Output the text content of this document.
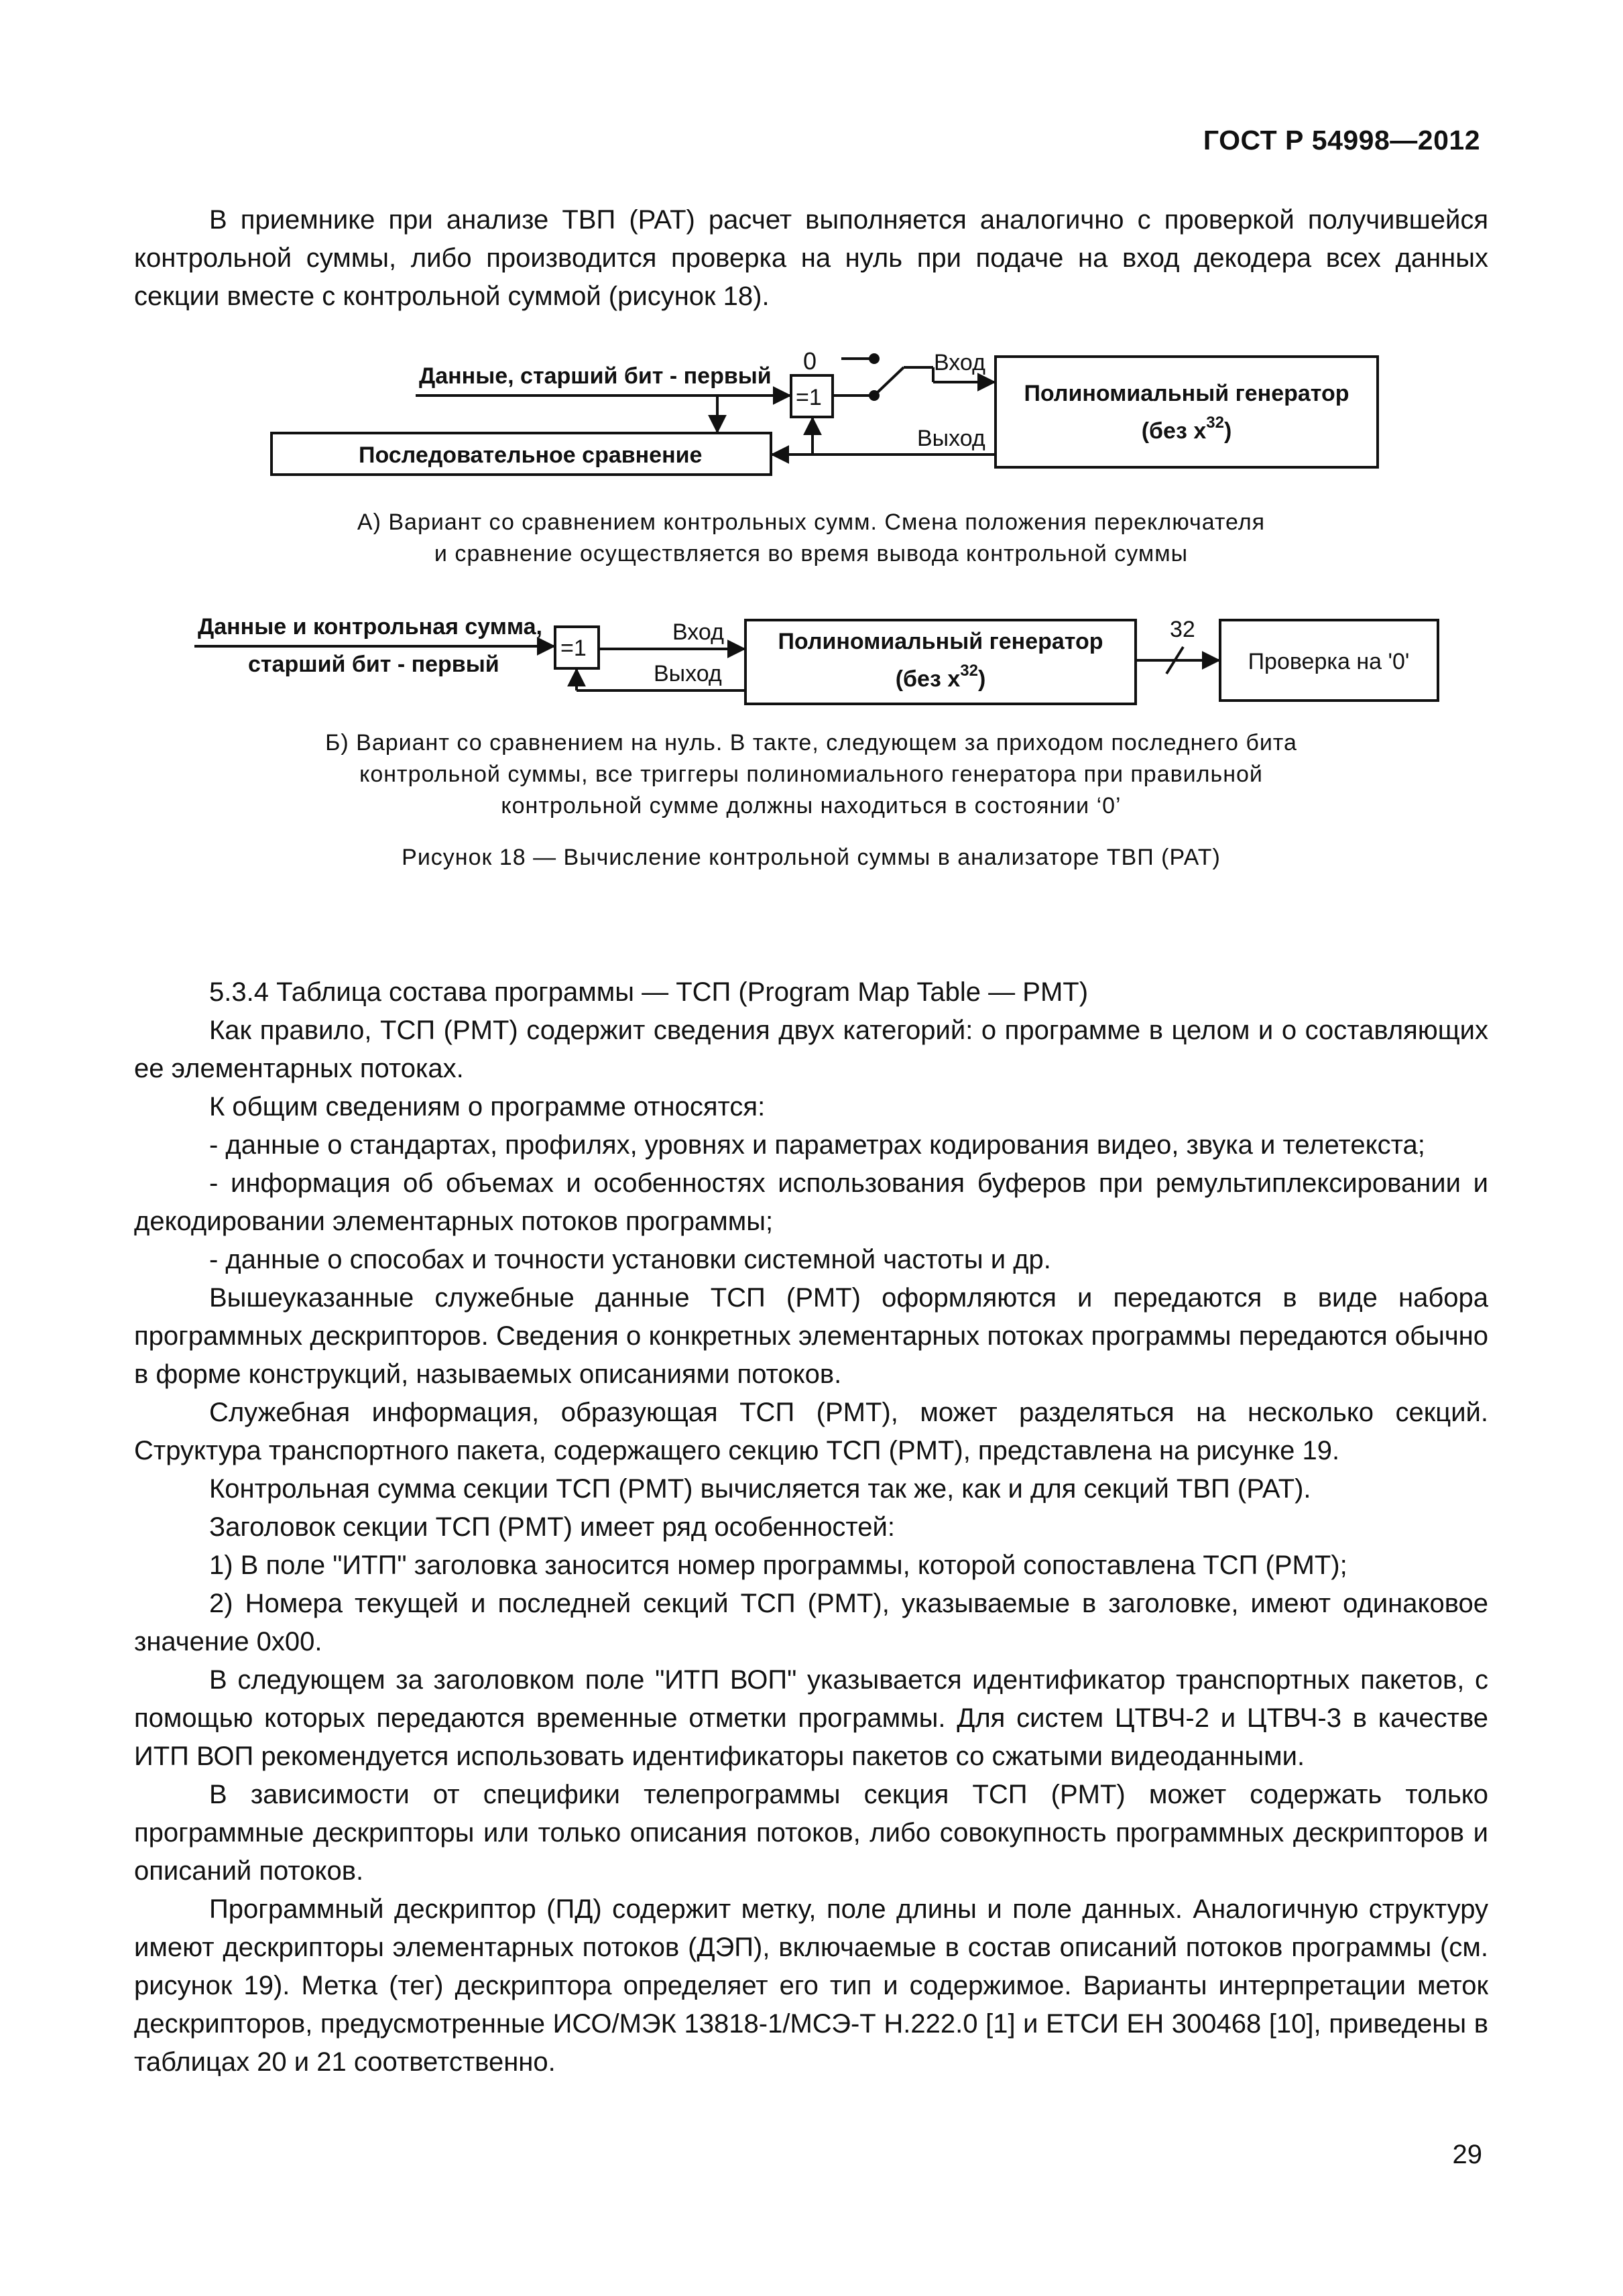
ГОСТ Р 54998—2012

В приемнике при анализе ТВП (PAT) расчет выполняется аналогично с проверкой получившейся контрольной суммы, либо производится проверка на нуль при подаче на вход декодера всех данных секции вместе с контрольной суммой (рисунок 18).

Данные, старший бит - первый
0
=1
Вход
Выход
Последовательное сравнение
Полиномиальный генератор
(без $х^{32}$)
Данные и контрольная сумма,
старший бит - первый
=1
Вход
Выход
Полиномиальный генератор
(без $х^{32}$)
32
Проверка на '0'
А) Вариант со сравнением контрольных сумм. Смена положения переключателя
и сравнение осуществляется во время вывода контрольной суммы
Б) Вариант со сравнением на нуль. В такте, следующем за приходом последнего бита
контрольной суммы, все триггеры полиномиального генератора при правильной
контрольной сумме должны находиться в состоянии ‘0’
Рисунок 18 — Вычисление контрольной суммы в анализаторе ТВП (PAT)

5.3.4 Таблица состава программы — ТСП (Program Map Table — PMT)

Как правило, ТСП (PMT) содержит сведения двух категорий: о программе в целом и о составляющих ее элементарных потоках.

К общим сведениям о программе относятся:

- данные о стандартах, профилях, уровнях и параметрах кодирования видео, звука и телетекста;

- информация об объемах и особенностях использования буферов при ремультиплексировании и декодировании элементарных потоков программы;

- данные о способах и точности установки системной частоты и др.

Вышеуказанные служебные данные ТСП (PMT) оформляются и передаются в виде набора программных дескрипторов. Сведения о конкретных элементарных потоках программы передаются обычно в форме конструкций, называемых описаниями потоков.

Служебная информация, образующая ТСП (PMT), может разделяться на несколько секций. Структура транспортного пакета, содержащего секцию ТСП (PMT), представлена на рисунке 19.

Контрольная сумма секции ТСП (PMT) вычисляется так же, как и для секций ТВП (PAT).

Заголовок секции ТСП (PMT) имеет ряд особенностей:

1) В поле "ИТП" заголовка заносится номер программы, которой сопоставлена ТСП (PMT);

2) Номера текущей и последней секций ТСП (PMT), указываемые в заголовке, имеют одинаковое значение 0х00.

В следующем за заголовком поле "ИТП ВОП" указывается идентификатор транспортных пакетов, с помощью которых передаются временные отметки программы. Для систем ЦТВЧ-2 и ЦТВЧ-3 в качестве ИТП ВОП рекомендуется использовать идентификаторы пакетов со сжатыми видеоданными.

В зависимости от специфики телепрограммы секция ТСП (PMT) может содержать только программные дескрипторы или только описания потоков, либо совокупность программных дескрипторов и описаний потоков.

Программный дескриптор (ПД) содержит метку, поле длины и поле данных. Аналогичную структуру имеют дескрипторы элементарных потоков (ДЭП), включаемые в состав описаний потоков программы (см. рисунок 19). Метка (тег) дескриптора определяет его тип и содержимое. Варианты интерпретации меток дескрипторов, предусмотренные ИСО/МЭК 13818-1/МСЭ-Т Н.222.0 [1] и ЕТСИ ЕН 300468 [10], приведены в таблицах 20 и 21 соответственно.

29
